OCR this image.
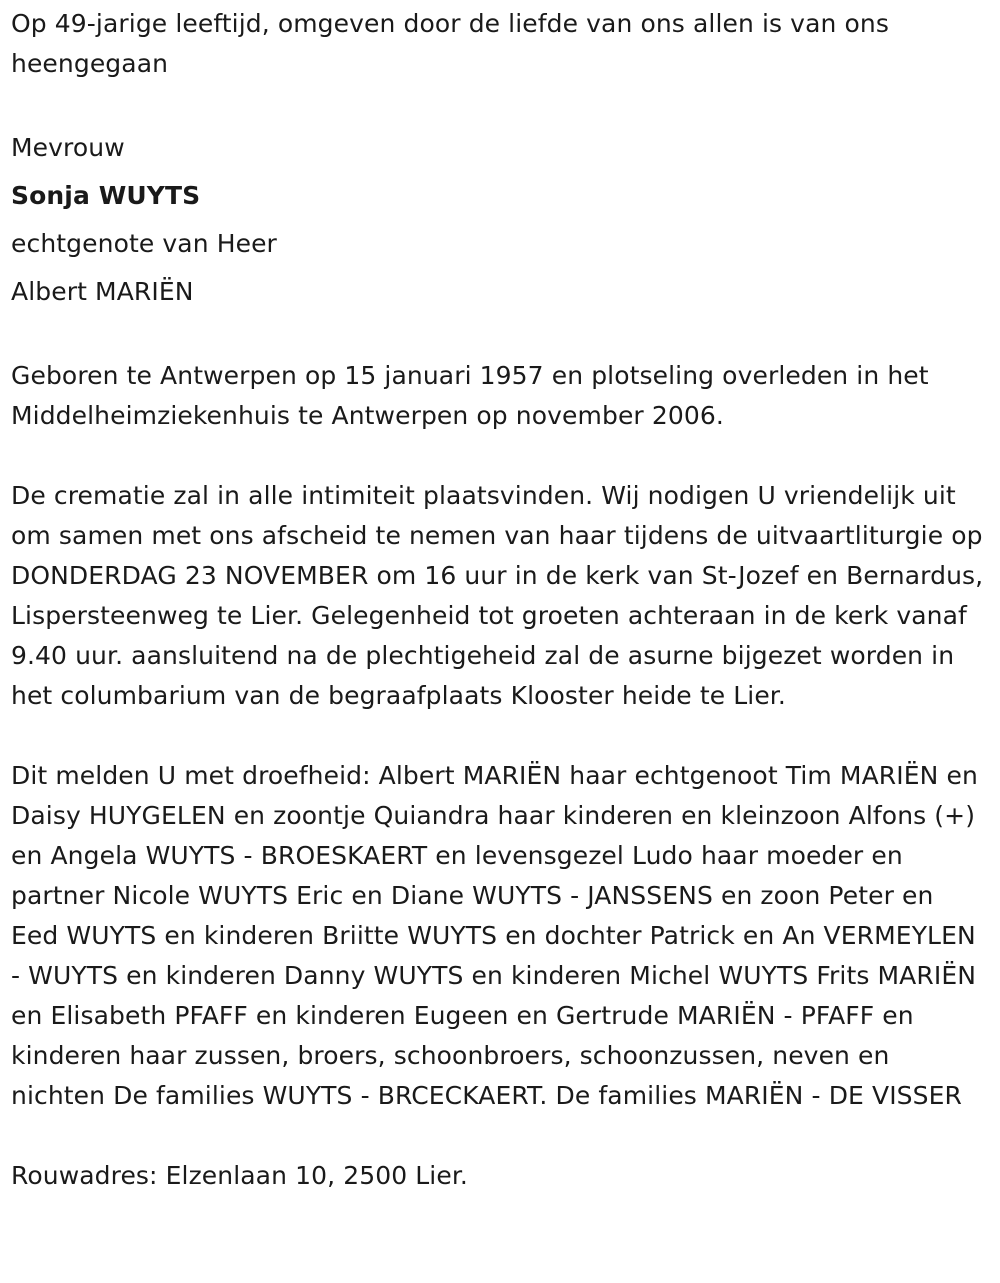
Op 49-jarige leeftijd, omgeven door de liefde van ons allen is van ons heengegaan

Mevrouw

Sonja WUYTS

echtgenote van Heer

Albert MARIËN

Geboren te Antwerpen op 15 januari 1957 en plotseling overleden in het Middelheimziekenhuis te Antwerpen op november 2006.

De crematie zal in alle intimiteit plaatsvinden. Wij nodigen U vriendelijk uit om samen met ons afscheid te nemen van haar tijdens de uitvaartliturgie op DONDERDAG 23 NOVEMBER om 16 uur in de kerk van St-Jozef en Bernardus, Lispersteenweg te Lier. Gelegenheid tot groeten achteraan in de kerk vanaf 9.40 uur. aansluitend na de plechtigeheid zal de asurne bijgezet worden in het columbarium van de begraafplaats Klooster heide te Lier.

Dit melden U met droefheid: Albert MARIËN haar echtgenoot Tim MARIËN en Daisy HUYGELEN en zoontje Quiandra haar kinderen en kleinzoon Alfons (+) en Angela WUYTS - BROESKAERT en levensgezel Ludo haar moeder en partner Nicole WUYTS Eric en Diane WUYTS - JANSSENS en zoon Peter en Eed WUYTS en kinderen Briitte WUYTS en dochter Patrick en An VERMEYLEN - WUYTS en kinderen Danny WUYTS en kinderen Michel WUYTS Frits MARIËN en Elisabeth PFAFF en kinderen Eugeen en Gertrude MARIËN - PFAFF en kinderen haar zussen, broers, schoonbroers, schoonzussen, neven en nichten De families WUYTS - BRCECKAERT. De families MARIËN - DE VISSER

Rouwadres: Elzenlaan 10, 2500 Lier.
